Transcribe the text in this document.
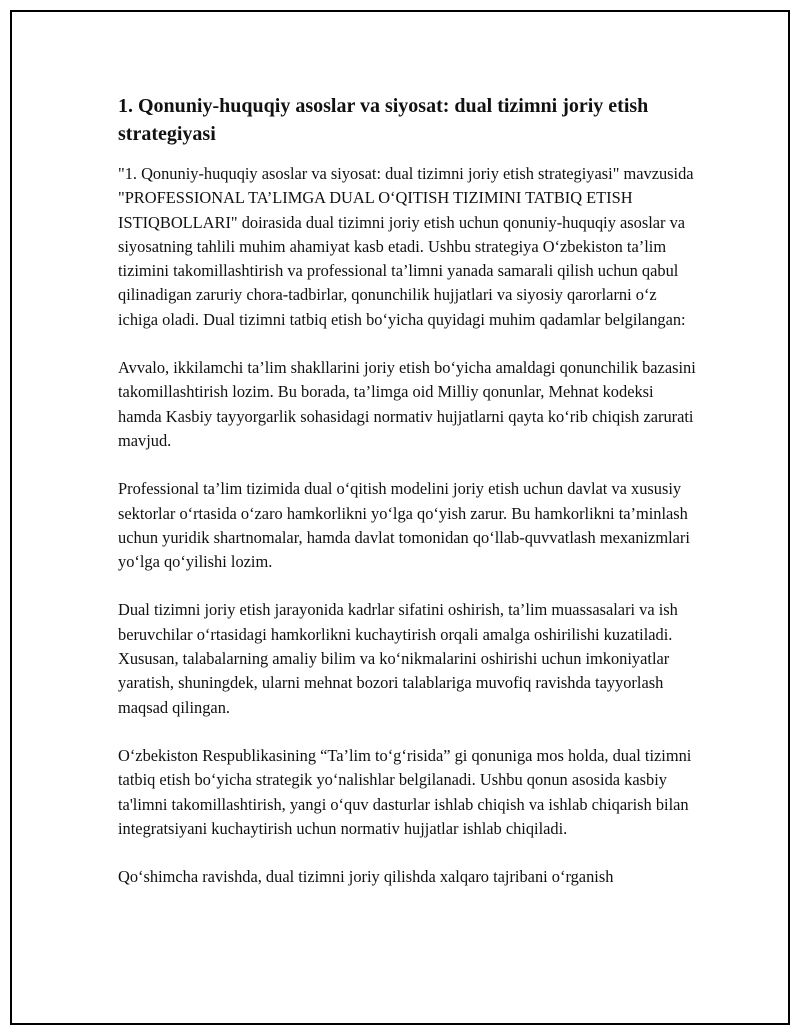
1. Qonuniy-huquqiy asoslar va siyosat: dual tizimni joriy etish strategiyasi

"1. Qonuniy-huquqiy asoslar va siyosat: dual tizimni joriy etish strategiyasi" mavzusida "PROFESSIONAL TA’LIMGA DUAL O‘QITISH TIZIMINI TATBIQ ETISH ISTIQBOLLARI" doirasida dual tizimni joriy etish uchun qonuniy-huquqiy asoslar va siyosatning tahlili muhim ahamiyat kasb etadi. Ushbu strategiya O‘zbekiston ta’lim tizimini takomillashtirish va professional ta’limni yanada samarali qilish uchun qabul qilinadigan zaruriy chora-tadbirlar, qonunchilik hujjatlari va siyosiy qarorlarni o‘z ichiga oladi. Dual tizimni tatbiq etish bo‘yicha quyidagi muhim qadamlar belgilangan:

Avvalo, ikkilamchi ta’lim shakllarini joriy etish bo‘yicha amaldagi qonunchilik bazasini takomillashtirish lozim. Bu borada, ta’limga oid Milliy qonunlar, Mehnat kodeksi hamda Kasbiy tayyorgarlik sohasidagi normativ hujjatlarni qayta ko‘rib chiqish zarurati mavjud.

Professional ta’lim tizimida dual o‘qitish modelini joriy etish uchun davlat va xususiy sektorlar o‘rtasida o‘zaro hamkorlikni yo‘lga qo‘yish zarur. Bu hamkorlikni ta’minlash uchun yuridik shartnomalar, hamda davlat tomonidan qo‘llab-quvvatlash mexanizmlari yo‘lga qo‘yilishi lozim.

Dual tizimni joriy etish jarayonida kadrlar sifatini oshirish, ta’lim muassasalari va ish beruvchilar o‘rtasidagi hamkorlikni kuchaytirish orqali amalga oshirilishi kuzatiladi. Xususan, talabalarning amaliy bilim va ko‘nikmalarini oshirishi uchun imkoniyatlar yaratish, shuningdek, ularni mehnat bozori talablariga muvofiq ravishda tayyorlash maqsad qilingan.

O‘zbekiston Respublikasining “Ta’lim to‘g‘risida” gi qonuniga mos holda, dual tizimni tatbiq etish bo‘yicha strategik yo‘nalishlar belgilanadi. Ushbu qonun asosida kasbiy ta'limni takomillashtirish, yangi o‘quv dasturlar ishlab chiqish va ishlab chiqarish bilan integratsiyani kuchaytirish uchun normativ hujjatlar ishlab chiqiladi.

Qo‘shimcha ravishda, dual tizimni joriy qilishda xalqaro tajribani o‘rganish
